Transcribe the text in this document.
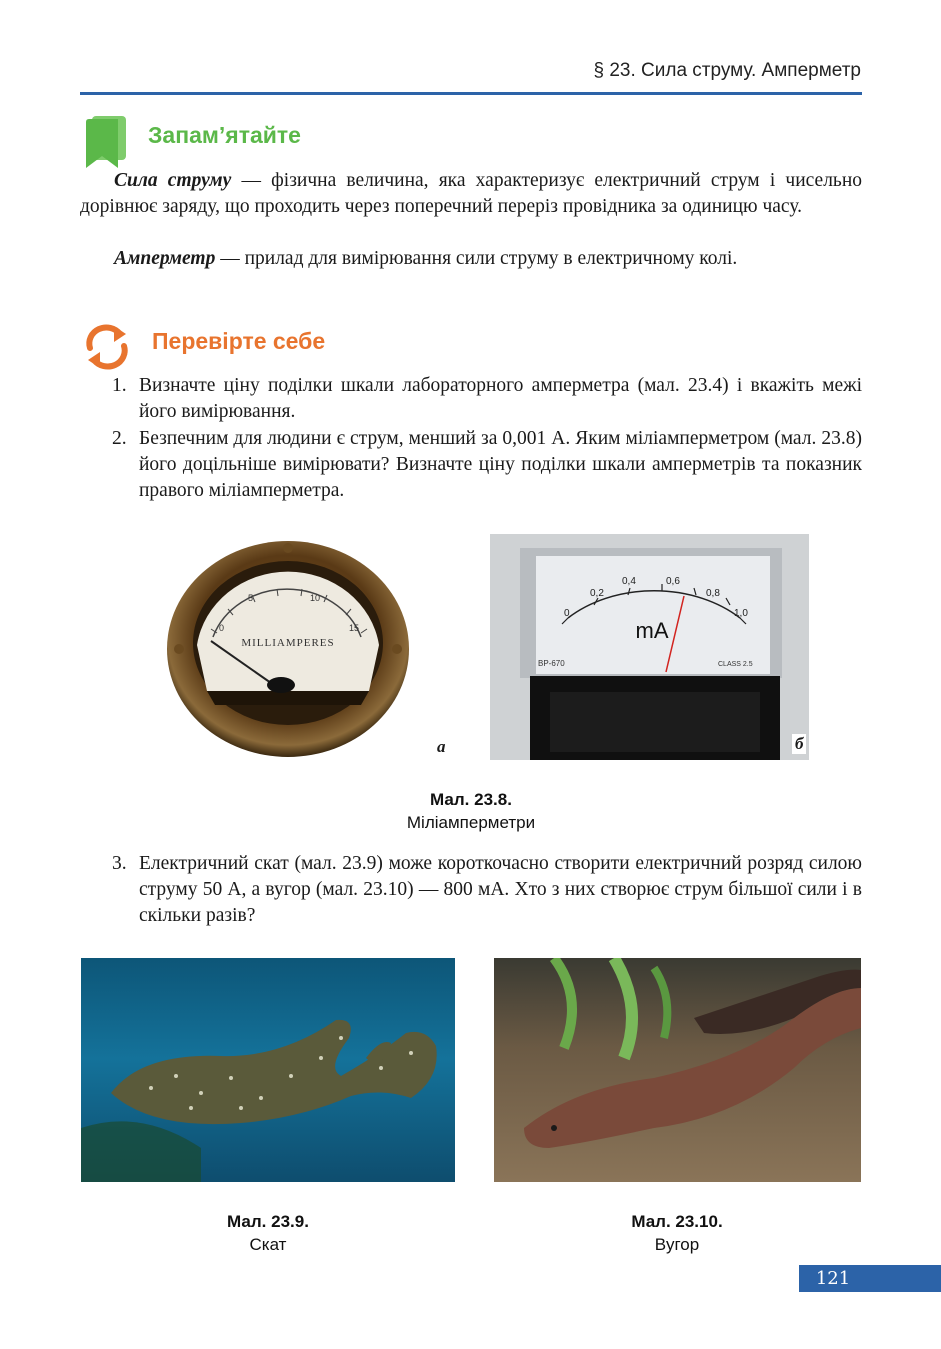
§ 23. Сила струму. Амперметр
Запам’ятайте
Сила струму — фізична величина, яка характеризує електричний струм і чисельно дорівнює заряду, що проходить через поперечний переріз провідника за одиницю часу.
Амперметр — прилад для вимірювання сили струму в електричному колі.
Перевірте себе
1. Визначте ціну поділки шкали лабораторного амперметра (мал. 23.4) і вкажіть межі його вимірювання.
2. Безпечним для людини є струм, менший за 0,001 А. Яким міліамперметром (мал. 23.8) його доцільніше вимірювати? Визначте ціну поділки шкали амперметрів та показник правого міліамперметра.
0
5	10
15
MILLIAMPERES
а
0
0,2
0,4	0,6
0,8
1,0
mA
BP-670	CLASS 2.5
б
Мал. 23.8.
Міліамперметри
3. Електричний скат (мал. 23.9) може короткочасно створити електричний розряд силою струму 50 А, а вугор (мал. 23.10) — 800 мА. Хто з них створює струм більшої сили і в скільки разів?
Мал. 23.9.
Скат
Мал. 23.10.
Вугор
121
